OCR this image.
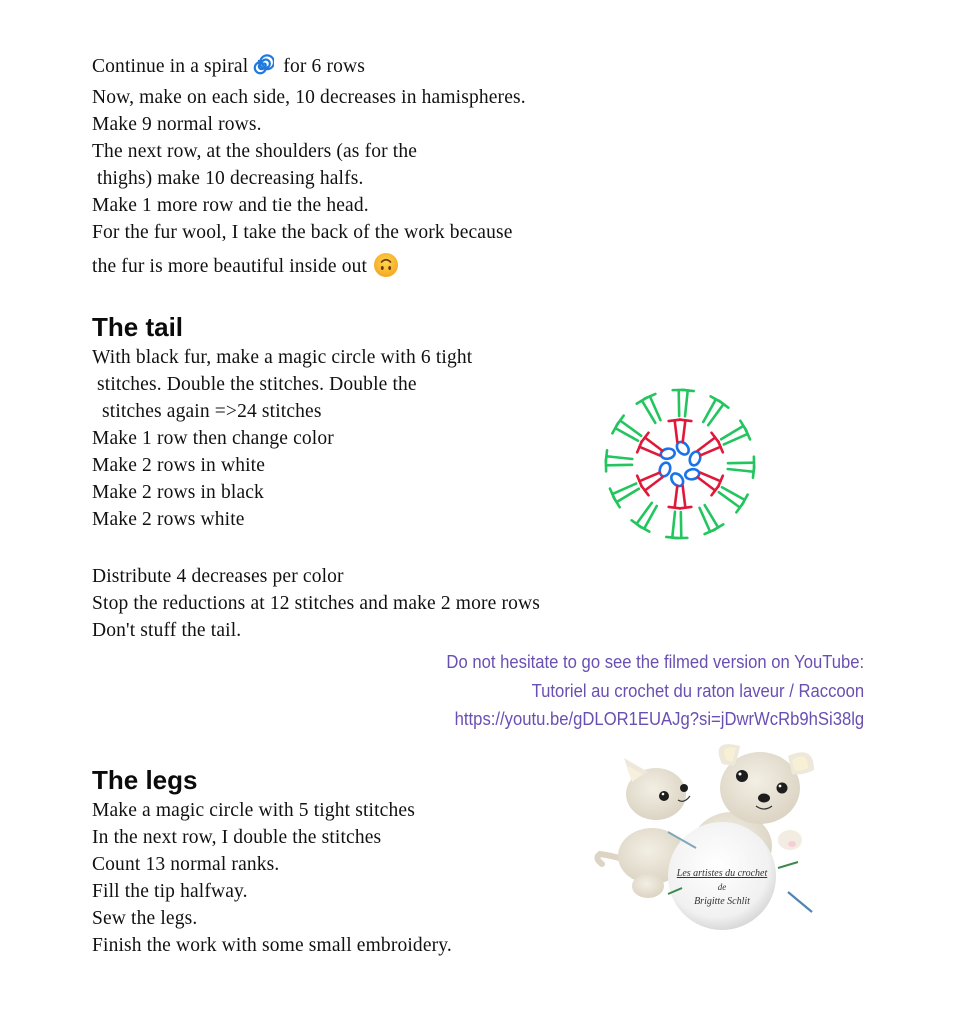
Continue in a spiral for 6 rows
Now, make on each side, 10 decreases in hamispheres.
Make 9 normal rows.
The next row, at the shoulders (as for the
thighs) make 10 decreasing halfs.
Make 1 more row and tie the head.
For the fur wool, I take the back of the work because
the fur is more beautiful inside out
The tail
With black fur, make a magic circle with 6 tight
stitches. Double the stitches. Double the
stitches again =>24 stitches
Make 1 row then change color
Make 2 rows in white
Make 2 rows in black
Make 2 rows white
Distribute 4 decreases per color
Stop the reductions at 12 stitches and make 2 more rows
Don't stuff the tail.
Do not hesitate to go see the filmed version on YouTube:
Tutoriel au crochet du raton laveur / Raccoon
https://youtu.be/gDLOR1EUAJg?si=jDwrWcRb9hSi38lg
The legs
Make a magic circle with 5 tight stitches
In the next row, I double the stitches
Count 13 normal ranks.
Fill the tip halfway.
Sew the legs.
Finish the work with some small embroidery.
Les artistes du crochet
de
Brigitte Schlit
